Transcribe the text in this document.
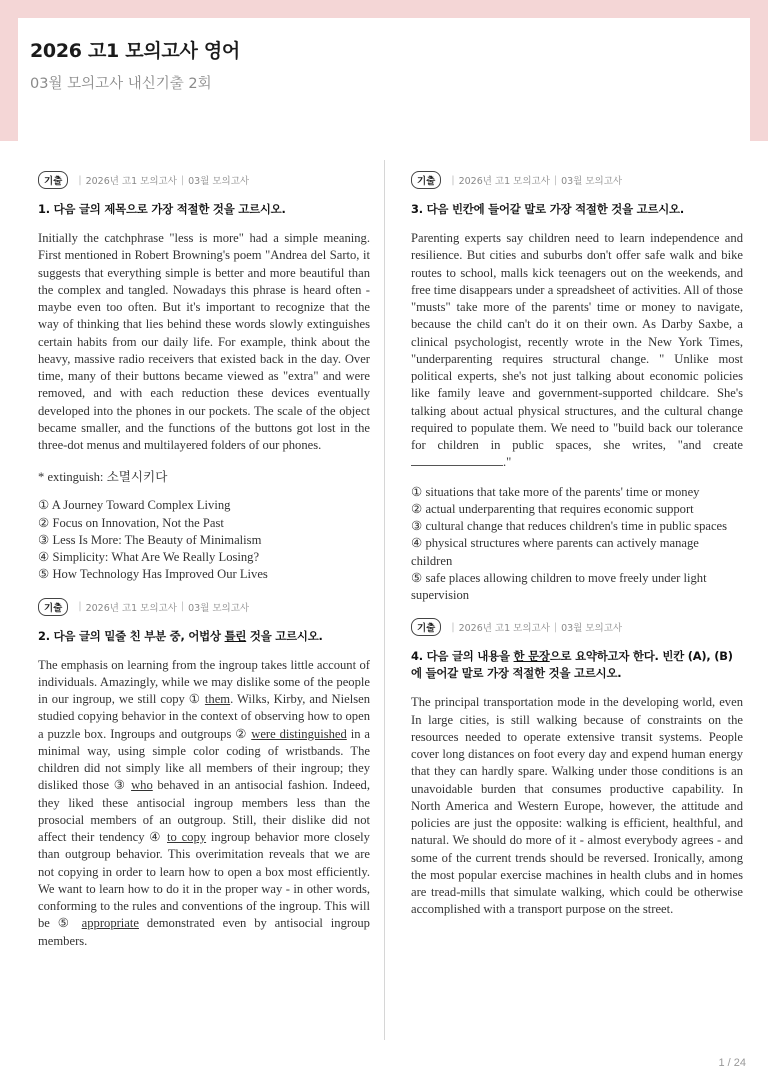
2026 고1 모의고사 영어
03월 모의고사 내신기출 2회
기출	| 2026년 고1 모의고사 | 03월 모의고사
1. 다음 글의 제목으로 가장 적절한 것을 고르시오.
Initially the catchphrase "less is more" had a simple meaning. First mentioned in Robert Browning's poem "Andrea del Sarto, it suggests that everything simple is better and more beautiful than the complex and tangled. Nowadays this phrase is heard often - maybe even too often. But it's important to recognize that the way of thinking that lies behind these words slowly extinguishes certain habits from our daily life. For example, think about the heavy, massive radio receivers that existed back in the day. Over time, many of their buttons became viewed as "extra" and were removed, and with each reduction these devices eventually developed into the phones in our pockets. The scale of the object became smaller, and the functions of the buttons got lost in the three-dot menus and multilayered folders of our phones.
* extinguish: 소멸시키다
① A Journey Toward Complex Living
② Focus on Innovation, Not the Past
③ Less Is More: The Beauty of Minimalism
④ Simplicity: What Are We Really Losing?
⑤ How Technology Has Improved Our Lives
기출	| 2026년 고1 모의고사 | 03월 모의고사
2. 다음 글의 밑줄 친 부분 중, 어법상 틀린 것을 고르시오.
The emphasis on learning from the ingroup takes little account of individuals. Amazingly, while we may dislike some of the people in our ingroup, we still copy ① them. Wilks, Kirby, and Nielsen studied copying behavior in the context of observing how to open a puzzle box. Ingroups and outgroups ② were distinguished in a minimal way, using simple color coding of wristbands. The children did not simply like all members of their ingroup; they disliked those ③ who behaved in an antisocial fashion. Indeed, they liked these antisocial ingroup members less than the prosocial members of an outgroup. Still, their dislike did not affect their tendency ④ to copy ingroup behavior more closely than outgroup behavior. This overimitation reveals that we are not copying in order to learn how to open a box most efficiently. We want to learn how to do it in the proper way - in other words, conforming to the rules and conventions of the ingroup. This will be ⑤ appropriate demonstrated even by antisocial ingroup members.
기출	| 2026년 고1 모의고사 | 03월 모의고사
3. 다음 빈칸에 들어갈 말로 가장 적절한 것을 고르시오.
Parenting experts say children need to learn independence and resilience. But cities and suburbs don't offer safe walk and bike routes to school, malls kick teenagers out on the weekends, and free time disappears under a spreadsheet of activities. All of those "musts" take more of the parents' time or money to navigate, because the child can't do it on their own. As Darby Saxbe, a clinical psychologist, recently wrote in the New York Times, "underparenting requires structural change. " Unlike most political experts, she's not just talking about economic policies like family leave and government-supported childcare. She's talking about actual physical structures, and the cultural change required to populate them. We need to "build back our tolerance for children in public spaces, she writes, "and create ."
① situations that take more of the parents' time or money
② actual underparenting that requires economic support
③ cultural change that reduces children's time in public spaces
④ physical structures where parents can actively manage children
⑤ safe places allowing children to move freely under light supervision
기출	| 2026년 고1 모의고사 | 03월 모의고사
4. 다음 글의 내용을 한 문장으로 요약하고자 한다. 빈칸 (A), (B)에 들어갈 말로 가장 적절한 것을 고르시오.
The principal transportation mode in the developing world, even In large cities, is still walking because of constraints on the resources needed to operate extensive transit systems. People cover long distances on foot every day and expend human energy that they can hardly spare. Walking under those conditions is an unavoidable burden that consumes productive capability. In North America and Western Europe, however, the attitude and policies are just the opposite: walking is efficient, healthful, and natural. We should do more of it - almost everybody agrees - and some of the current trends should be reversed. Ironically, among the most popular exercise machines in health clubs and in homes are tread-mills that simulate walking, which could be otherwise accomplished with a transport purpose on the street.
1 / 24
